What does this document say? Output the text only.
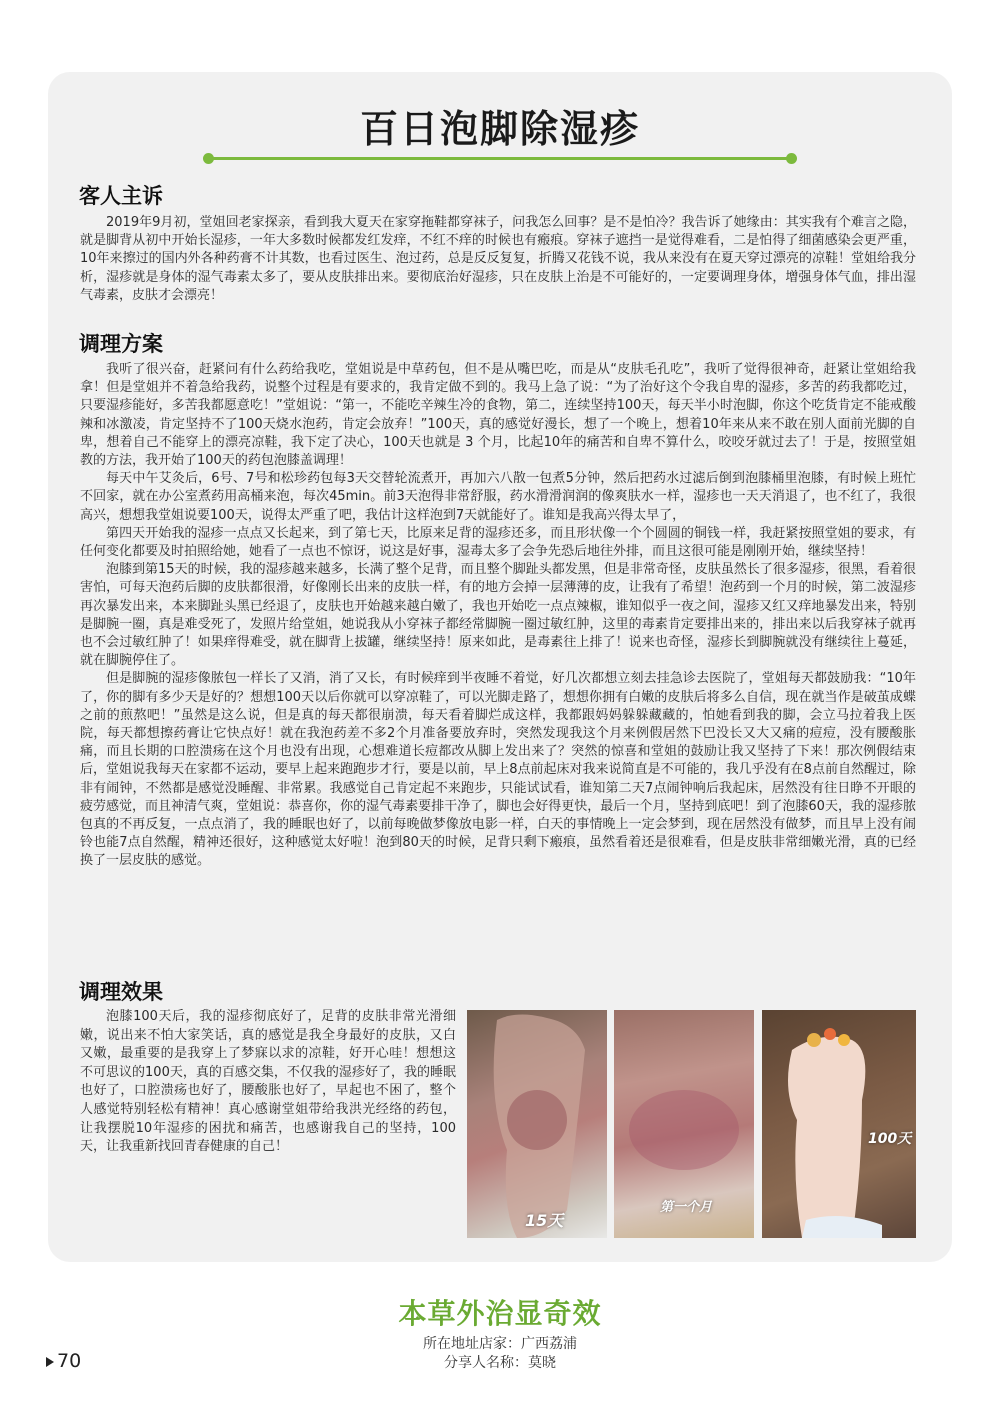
百日泡脚除湿疹
客人主诉

2019年9月初，堂姐回老家探亲，看到我大夏天在家穿拖鞋都穿袜子，问我怎么回事？是不是怕冷？我告诉了她缘由：其实我有个难言之隐，就是脚背从初中开始长湿疹，一年大多数时候都发红发痒，不红不痒的时候也有瘢痕。穿袜子遮挡一是觉得难看，二是怕得了细菌感染会更严重，10年来擦过的国内外各种药膏不计其数，也看过医生、泡过药，总是反反复复，折腾又花钱不说，我从来没有在夏天穿过漂亮的凉鞋！堂姐给我分析，湿疹就是身体的湿气毒素太多了，要从皮肤排出来。要彻底治好湿疹，只在皮肤上治是不可能好的，一定要调理身体，增强身体气血，排出湿气毒素，皮肤才会漂亮！

调理方案

我听了很兴奋，赶紧问有什么药给我吃，堂姐说是中草药包，但不是从嘴巴吃，而是从“皮肤毛孔吃”，我听了觉得很神奇，赶紧让堂姐给我拿！但是堂姐并不着急给我药，说整个过程是有要求的，我肯定做不到的。我马上急了说：“为了治好这个令我自卑的湿疹，多苦的药我都吃过，只要湿疹能好，多苦我都愿意吃！”堂姐说：“第一，不能吃辛辣生冷的食物，第二，连续坚持100天，每天半小时泡脚，你这个吃货肯定不能戒酸辣和冰激凌，肯定坚持不了100天烧水泡药，肯定会放弃！”100天，真的感觉好漫长，想了一个晚上，想着10年来从来不敢在别人面前光脚的自卑，想着自己不能穿上的漂亮凉鞋，我下定了决心，100天也就是 3 个月，比起10年的痛苦和自卑不算什么，咬咬牙就过去了！于是，按照堂姐教的方法，我开始了100天的药包泡膝盖调理！

每天中午艾灸后，6号、7号和松珍药包每3天交替轮流煮开，再加六八散一包煮5分钟，然后把药水过滤后倒到泡膝桶里泡膝，有时候上班忙不回家，就在办公室煮药用高桶来泡，每次45min。前3天泡得非常舒服，药水滑滑润润的像爽肤水一样，湿疹也一天天消退了，也不红了，我很高兴，想想我堂姐说要100天，说得太严重了吧，我估计这样泡到7天就能好了。谁知是我高兴得太早了，

第四天开始我的湿疹一点点又长起来，到了第七天，比原来足背的湿疹还多，而且形状像一个个圆圆的铜钱一样，我赶紧按照堂姐的要求，有任何变化都要及时拍照给她，她看了一点也不惊讶，说这是好事，湿毒太多了会争先恐后地往外排，而且这很可能是刚刚开始，继续坚持！

泡膝到第15天的时候，我的湿疹越来越多，长满了整个足背，而且整个脚趾头都发黑，但是非常奇怪，皮肤虽然长了很多湿疹，很黑，看着很害怕，可每天泡药后脚的皮肤都很滑，好像刚长出来的皮肤一样，有的地方会掉一层薄薄的皮，让我有了希望！泡药到一个月的时候，第二波湿疹再次暴发出来，本来脚趾头黑已经退了，皮肤也开始越来越白嫩了，我也开始吃一点点辣椒，谁知似乎一夜之间，湿疹又红又痒地暴发出来，特别是脚腕一圈，真是难受死了，发照片给堂姐，她说我从小穿袜子都经常脚腕一圈过敏红肿，这里的毒素肯定要排出来的，排出来以后我穿袜子就再也不会过敏红肿了！如果痒得难受，就在脚背上拔罐，继续坚持！原来如此，是毒素往上排了！说来也奇怪，湿疹长到脚腕就没有继续往上蔓延，就在脚腕停住了。

但是脚腕的湿疹像脓包一样长了又消，消了又长，有时候痒到半夜睡不着觉，好几次都想立刻去挂急诊去医院了，堂姐每天都鼓励我：“10年了，你的脚有多少天是好的？想想100天以后你就可以穿凉鞋了，可以光脚走路了，想想你拥有白嫩的皮肤后将多么自信，现在就当作是破茧成蝶之前的煎熬吧！”虽然是这么说，但是真的每天都很崩溃，每天看着脚烂成这样，我都跟妈妈躲躲藏藏的，怕她看到我的脚，会立马拉着我上医院，每天都想擦药膏让它快点好！就在我泡药差不多2个月准备要放弃时，突然发现我这个月来例假居然下巴没长又大又痛的痘痘，没有腰酸胀痛，而且长期的口腔溃疡在这个月也没有出现，心想难道长痘都改从脚上发出来了？突然的惊喜和堂姐的鼓励让我又坚持了下来！那次例假结束后，堂姐说我每天在家都不运动，要早上起来跑跑步才行，要是以前，早上8点前起床对我来说简直是不可能的，我几乎没有在8点前自然醒过，除非有闹钟，不然都是感觉没睡醒、非常累。我感觉自己肯定起不来跑步，只能试试看，谁知第二天7点闹钟响后我起床，居然没有往日睁不开眼的疲劳感觉，而且神清气爽，堂姐说：恭喜你，你的湿气毒素要排干净了，脚也会好得更快，最后一个月，坚持到底吧！到了泡膝60天，我的湿疹脓包真的不再反复，一点点消了，我的睡眠也好了，以前每晚做梦像放电影一样，白天的事情晚上一定会梦到，现在居然没有做梦，而且早上没有闹铃也能7点自然醒，精神还很好，这种感觉太好啦！泡到80天的时候，足背只剩下瘢痕，虽然看着还是很难看，但是皮肤非常细嫩光滑，真的已经换了一层皮肤的感觉。

调理效果

泡膝100天后，我的湿疹彻底好了，足背的皮肤非常光滑细嫩，说出来不怕大家笑话，真的感觉是我全身最好的皮肤，又白又嫩，最重要的是我穿上了梦寐以求的凉鞋，好开心哇！想想这不可思议的100天，真的百感交集，不仅我的湿疹好了，我的睡眠也好了，口腔溃疡也好了，腰酸胀也好了，早起也不困了，整个人感觉特别轻松有精神！真心感谢堂姐带给我洪光经络的药包，让我摆脱10年湿疹的困扰和痛苦，也感谢我自己的坚持，100天，让我重新找回青春健康的自己！

15天
第一个月
100天
本草外治显奇效
所在地址店家：广西荔浦
分享人名称：莫晓
70
